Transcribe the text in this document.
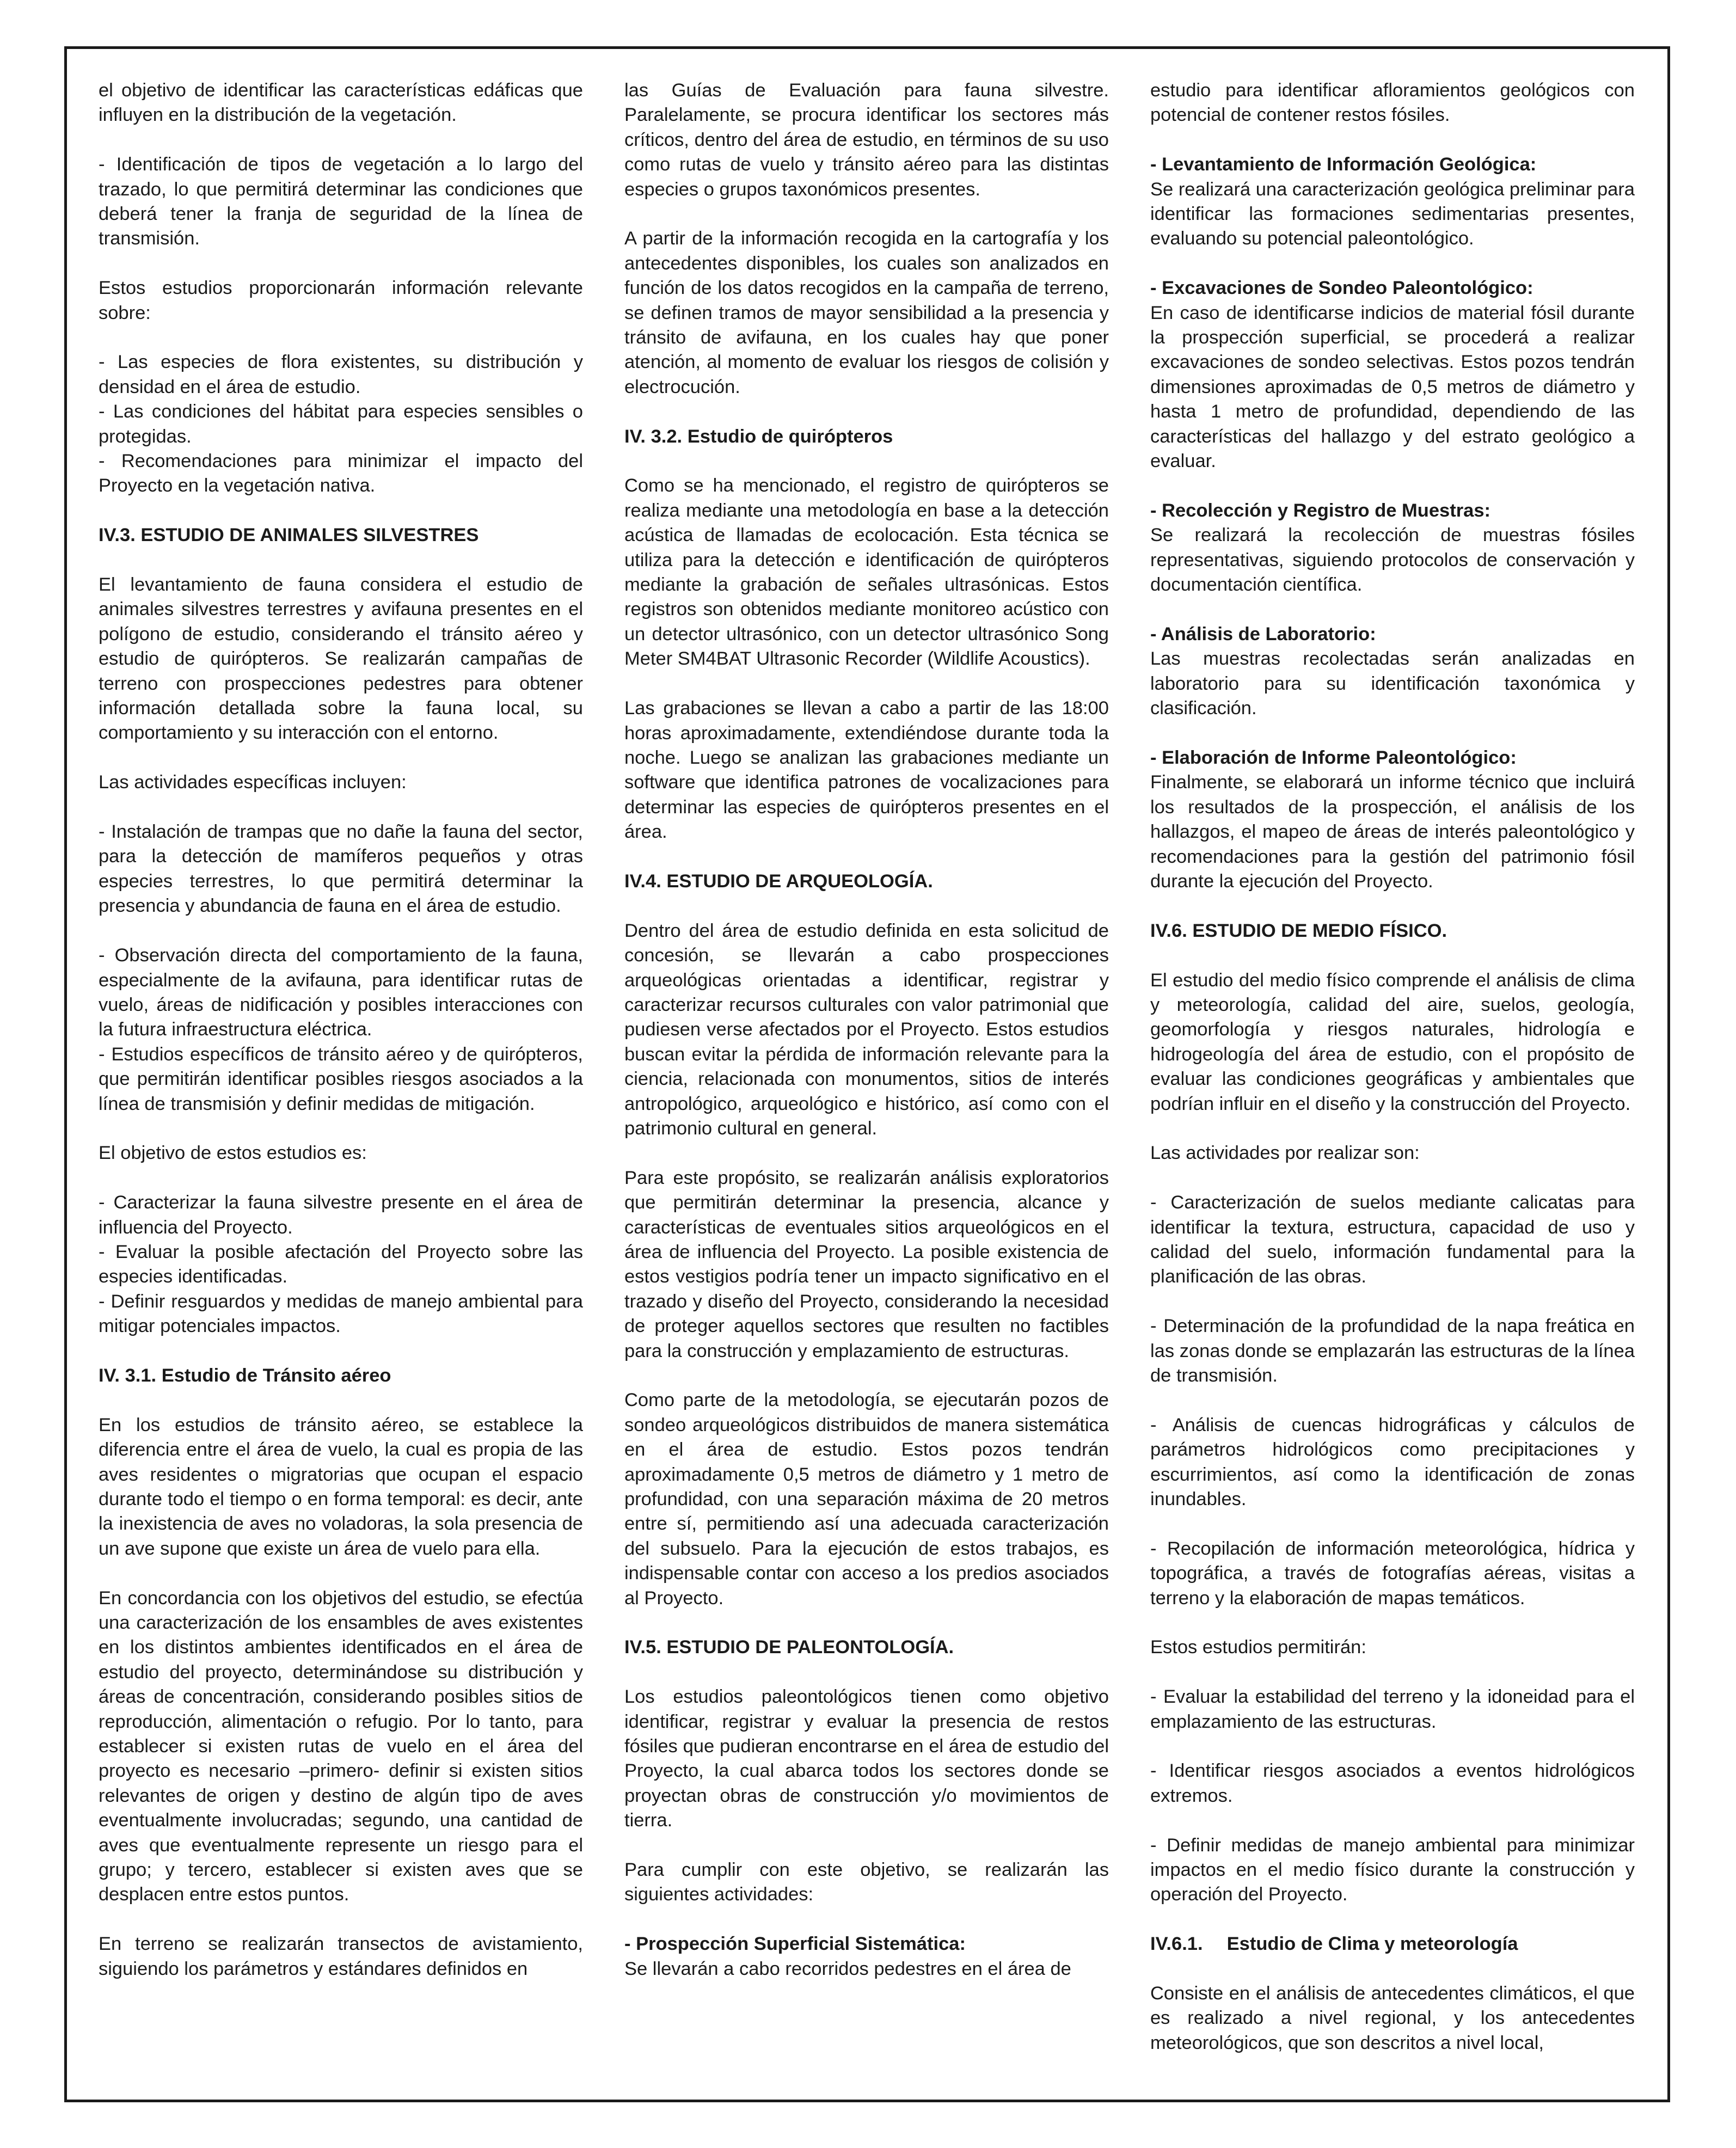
el objetivo de identificar las características edáficas que influyen en la distribución de la vegetación.

- Identificación de tipos de vegetación a lo largo del trazado, lo que permitirá determinar las condiciones que deberá tener la franja de seguridad de la línea de transmisión.

Estos estudios proporcionarán información relevante sobre:

- Las especies de flora existentes, su distribución y densidad en el área de estudio.

- Las condiciones del hábitat para especies sensibles o protegidas.

- Recomendaciones para minimizar el impacto del Proyecto en la vegetación nativa.

IV.3. ESTUDIO DE ANIMALES SILVESTRES

El levantamiento de fauna considera el estudio de animales silvestres terrestres y avifauna presentes en el polígono de estudio, considerando el tránsito aéreo y estudio de quirópteros. Se realizarán campañas de terreno con prospecciones pedestres para obtener información detallada sobre la fauna local, su comportamiento y su interacción con el entorno.

Las actividades específicas incluyen:

- Instalación de trampas que no dañe la fauna del sector, para la detección de mamíferos pequeños y otras especies terrestres, lo que permitirá determinar la presencia y abundancia de fauna en el área de estudio.

- Observación directa del comportamiento de la fauna, especialmente de la avifauna, para identificar rutas de vuelo, áreas de nidificación y posibles interacciones con la futura infraestructura eléctrica.

- Estudios específicos de tránsito aéreo y de quirópteros, que permitirán identificar posibles riesgos asociados a la línea de transmisión y definir medidas de mitigación.

El objetivo de estos estudios es:

- Caracterizar la fauna silvestre presente en el área de influencia del Proyecto.

- Evaluar la posible afectación del Proyecto sobre las especies identificadas.

- Definir resguardos y medidas de manejo ambiental para mitigar potenciales impactos.

IV. 3.1. Estudio de Tránsito aéreo

En los estudios de tránsito aéreo, se establece la diferencia entre el área de vuelo, la cual es propia de las aves residentes o migratorias que ocupan el espacio durante todo el tiempo o en forma temporal: es decir, ante la inexistencia de aves no voladoras, la sola presencia de un ave supone que existe un área de vuelo para ella.

En concordancia con los objetivos del estudio, se efectúa una caracterización de los ensambles de aves existentes en los distintos ambientes identificados en el área de estudio del proyecto, determinándose su distribución y áreas de concentración, considerando posibles sitios de reproducción, alimentación o refugio. Por lo tanto, para establecer si existen rutas de vuelo en el área del proyecto es necesario –primero- definir si existen sitios relevantes de origen y destino de algún tipo de aves eventualmente involucradas; segundo, una cantidad de aves que eventualmente represente un riesgo para el grupo; y tercero, establecer si existen aves que se desplacen entre estos puntos.

En terreno se realizarán transectos de avistamiento, siguiendo los parámetros y estándares definidos en

las Guías de Evaluación para fauna silvestre. Paralelamente, se procura identificar los sectores más críticos, dentro del área de estudio, en términos de su uso como rutas de vuelo y tránsito aéreo para las distintas especies o grupos taxonómicos presentes.

A partir de la información recogida en la cartografía y los antecedentes disponibles, los cuales son analizados en función de los datos recogidos en la campaña de terreno, se definen tramos de mayor sensibilidad a la presencia y tránsito de avifauna, en los cuales hay que poner atención, al momento de evaluar los riesgos de colisión y electrocución.

IV. 3.2. Estudio de quirópteros

Como se ha mencionado, el registro de quirópteros se realiza mediante una metodología en base a la detección acústica de llamadas de ecolocación. Esta técnica se utiliza para la detección e identificación de quirópteros mediante la grabación de señales ultrasónicas. Estos registros son obtenidos mediante monitoreo acústico con un detector ultrasónico, con un detector ultrasónico Song Meter SM4BAT Ultrasonic Recorder (Wildlife Acoustics).

Las grabaciones se llevan a cabo a partir de las 18:00 horas aproximadamente, extendiéndose durante toda la noche. Luego se analizan las grabaciones mediante un software que identifica patrones de vocalizaciones para determinar las especies de quirópteros presentes en el área.

IV.4. ESTUDIO DE ARQUEOLOGÍA.

Dentro del área de estudio definida en esta solicitud de concesión, se llevarán a cabo prospecciones arqueológicas orientadas a identificar, registrar y caracterizar recursos culturales con valor patrimonial que pudiesen verse afectados por el Proyecto. Estos estudios buscan evitar la pérdida de información relevante para la ciencia, relacionada con monumentos, sitios de interés antropológico, arqueológico e histórico, así como con el patrimonio cultural en general.

Para este propósito, se realizarán análisis exploratorios que permitirán determinar la presencia, alcance y características de eventuales sitios arqueológicos en el área de influencia del Proyecto. La posible existencia de estos vestigios podría tener un impacto significativo en el trazado y diseño del Proyecto, considerando la necesidad de proteger aquellos sectores que resulten no factibles para la construcción y emplazamiento de estructuras.

Como parte de la metodología, se ejecutarán pozos de sondeo arqueológicos distribuidos de manera sistemática en el área de estudio. Estos pozos tendrán aproximadamente 0,5 metros de diámetro y 1 metro de profundidad, con una separación máxima de 20 metros entre sí, permitiendo así una adecuada caracterización del subsuelo. Para la ejecución de estos trabajos, es indispensable contar con acceso a los predios asociados al Proyecto.

IV.5. ESTUDIO DE PALEONTOLOGÍA.

Los estudios paleontológicos tienen como objetivo identificar, registrar y evaluar la presencia de restos fósiles que pudieran encontrarse en el área de estudio del Proyecto, la cual abarca todos los sectores donde se proyectan obras de construcción y/o movimientos de tierra.

Para cumplir con este objetivo, se realizarán las siguientes actividades:

- Prospección Superficial Sistemática:

Se llevarán a cabo recorridos pedestres en el área de

estudio para identificar afloramientos geológicos con potencial de contener restos fósiles.

- Levantamiento de Información Geológica:

Se realizará una caracterización geológica preliminar para identificar las formaciones sedimentarias presentes, evaluando su potencial paleontológico.

- Excavaciones de Sondeo Paleontológico:

En caso de identificarse indicios de material fósil durante la prospección superficial, se procederá a realizar excavaciones de sondeo selectivas. Estos pozos tendrán dimensiones aproximadas de 0,5 metros de diámetro y hasta 1 metro de profundidad, dependiendo de las características del hallazgo y del estrato geológico a evaluar.

- Recolección y Registro de Muestras:

Se realizará la recolección de muestras fósiles representativas, siguiendo protocolos de conservación y documentación científica.

- Análisis de Laboratorio:

Las muestras recolectadas serán analizadas en laboratorio para su identificación taxonómica y clasificación.

- Elaboración de Informe Paleontológico:

Finalmente, se elaborará un informe técnico que incluirá los resultados de la prospección, el análisis de los hallazgos, el mapeo de áreas de interés paleontológico y recomendaciones para la gestión del patrimonio fósil durante la ejecución del Proyecto.

IV.6. ESTUDIO DE MEDIO FÍSICO.

El estudio del medio físico comprende el análisis de clima y meteorología, calidad del aire, suelos, geología, geomorfología y riesgos naturales, hidrología e hidrogeología del área de estudio, con el propósito de evaluar las condiciones geográficas y ambientales que podrían influir en el diseño y la construcción del Proyecto.

Las actividades por realizar son:

- Caracterización de suelos mediante calicatas para identificar la textura, estructura, capacidad de uso y calidad del suelo, información fundamental para la planificación de las obras.

- Determinación de la profundidad de la napa freática en las zonas donde se emplazarán las estructuras de la línea de transmisión.

- Análisis de cuencas hidrográficas y cálculos de parámetros hidrológicos como precipitaciones y escurrimientos, así como la identificación de zonas inundables.

- Recopilación de información meteorológica, hídrica y topográfica, a través de fotografías aéreas, visitas a terreno y la elaboración de mapas temáticos.

Estos estudios permitirán:

- Evaluar la estabilidad del terreno y la idoneidad para el emplazamiento de las estructuras.

- Identificar riesgos asociados a eventos hidrológicos extremos.

- Definir medidas de manejo ambiental para minimizar impactos en el medio físico durante la construcción y operación del Proyecto.

IV.6.1.  Estudio de Clima y meteorología

Consiste en el análisis de antecedentes climáticos, el que es realizado a nivel regional, y los antecedentes meteorológicos, que son descritos a nivel local,
